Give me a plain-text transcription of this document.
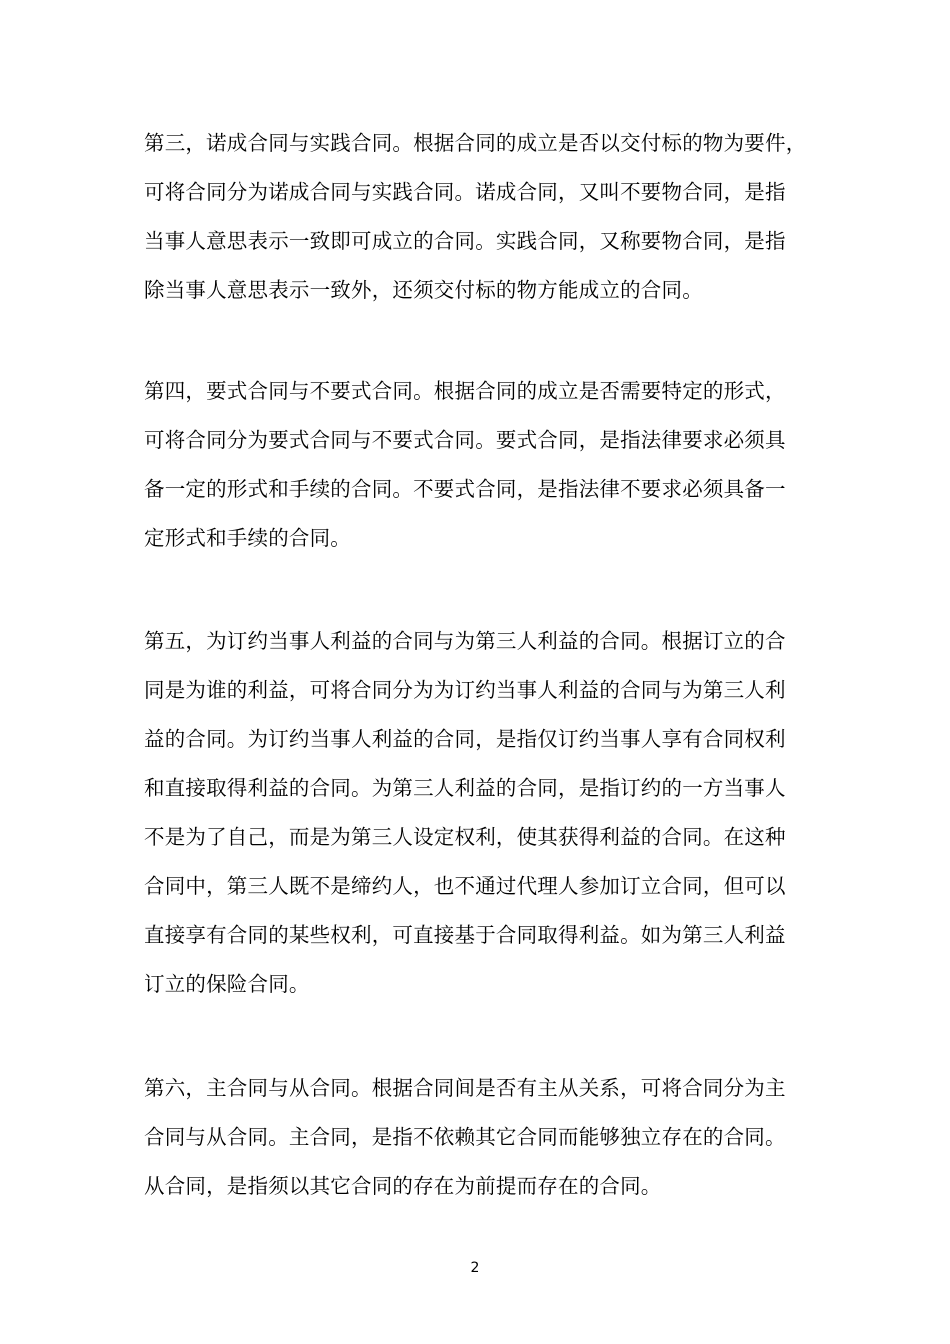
第三，诺成合同与实践合同。根据合同的成立是否以交付标的物为要件，
可将合同分为诺成合同与实践合同。诺成合同，又叫不要物合同，是指
当事人意思表示一致即可成立的合同。实践合同，又称要物合同，是指
除当事人意思表示一致外，还须交付标的物方能成立的合同。
第四，要式合同与不要式合同。根据合同的成立是否需要特定的形式，
可将合同分为要式合同与不要式合同。要式合同，是指法律要求必须具
备一定的形式和手续的合同。不要式合同，是指法律不要求必须具备一
定形式和手续的合同。
第五，为订约当事人利益的合同与为第三人利益的合同。根据订立的合
同是为谁的利益，可将合同分为为订约当事人利益的合同与为第三人利
益的合同。为订约当事人利益的合同，是指仅订约当事人享有合同权利
和直接取得利益的合同。为第三人利益的合同，是指订约的一方当事人
不是为了自己，而是为第三人设定权利，使其获得利益的合同。在这种
合同中，第三人既不是缔约人，也不通过代理人参加订立合同，但可以
直接享有合同的某些权利，可直接基于合同取得利益。如为第三人利益
订立的保险合同。
第六，主合同与从合同。根据合同间是否有主从关系，可将合同分为主
合同与从合同。主合同，是指不依赖其它合同而能够独立存在的合同。
从合同，是指须以其它合同的存在为前提而存在的合同。
2
